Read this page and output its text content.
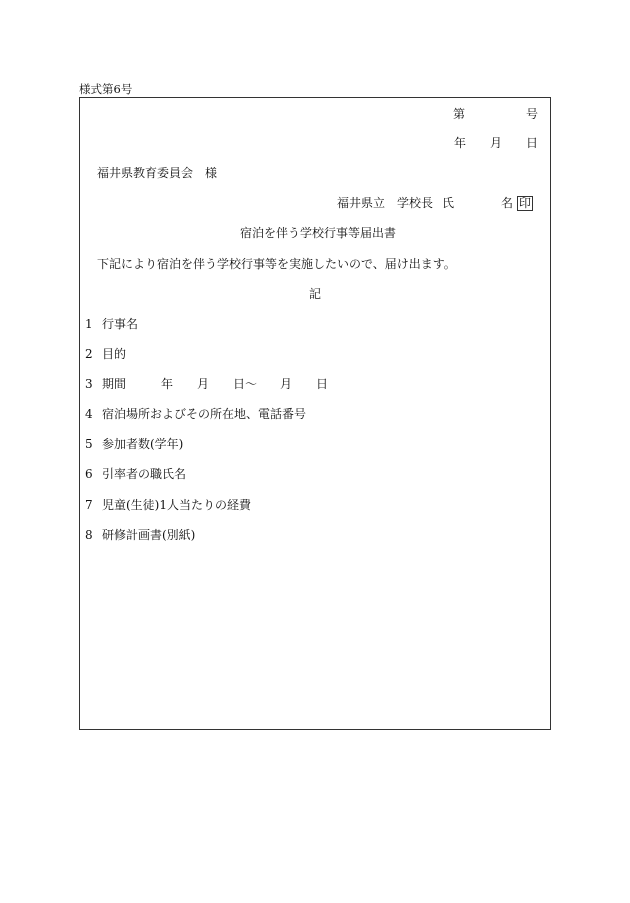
様式第6号
第	号
年 月 日
福井県教育委員会　様
福井県立　学校長 氏	名 印
宿泊を伴う学校行事等届出書
下記により宿泊を伴う学校行事等を実施したいので、届け出ます。
記
1 行事名
2 目的
3 期間	年 月 日〜 月 日
4 宿泊場所およびその所在地、電話番号
5 参加者数(学年)
6 引率者の職氏名
7 児童(生徒)1人当たりの経費
8 研修計画書(別紙)
